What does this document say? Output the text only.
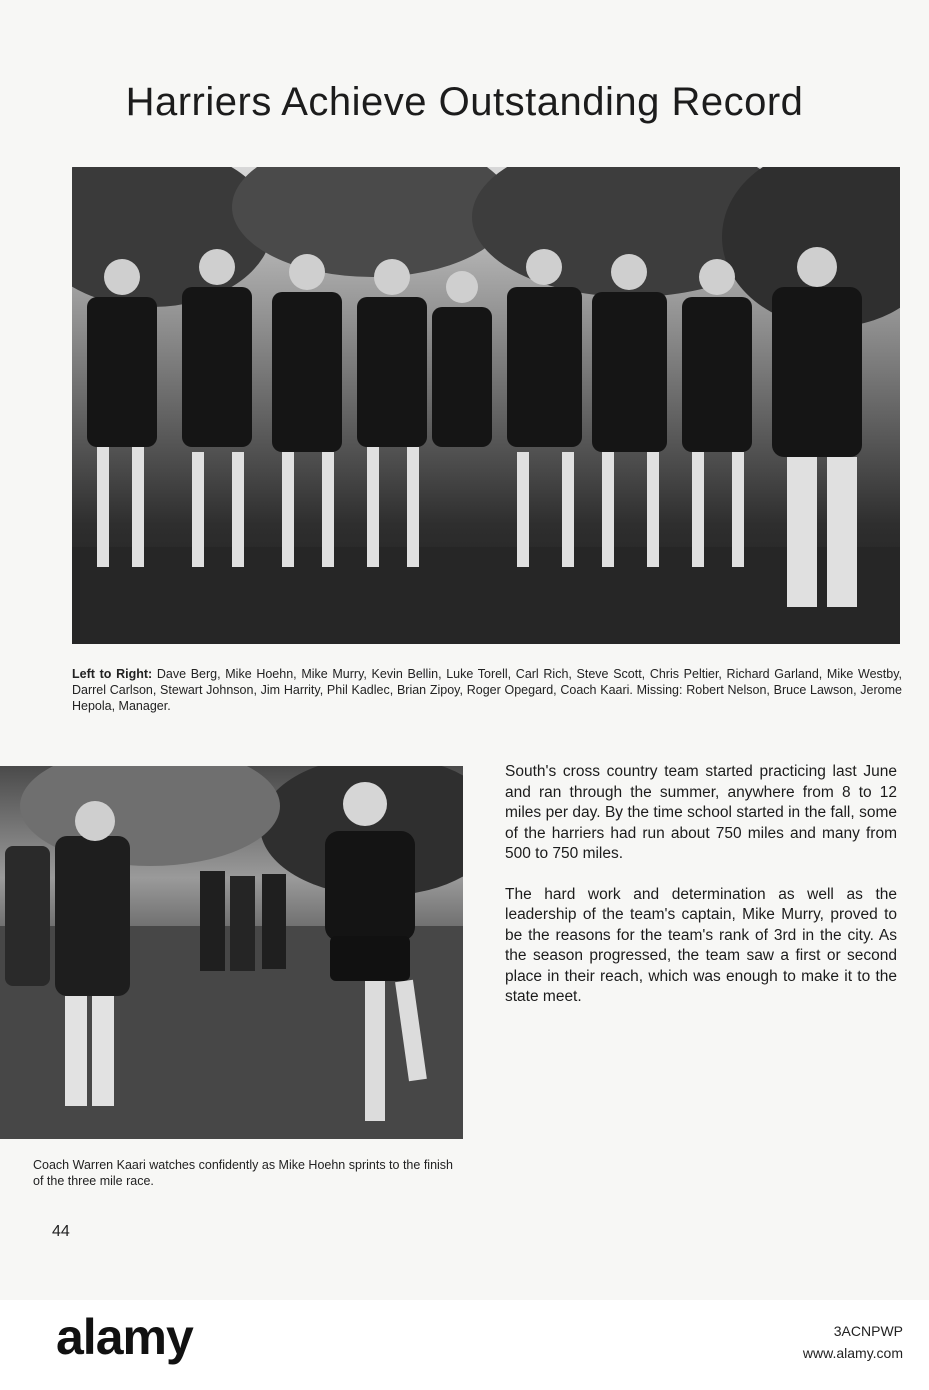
Harriers Achieve Outstanding Record
Left to Right: Dave Berg, Mike Hoehn, Mike Murry, Kevin Bellin, Luke Torell, Carl Rich, Steve Scott, Chris Peltier, Richard Garland, Mike Westby, Darrel Carlson, Stewart Johnson, Jim Harrity, Phil Kadlec, Brian Zipoy, Roger Opegard, Coach Kaari. Missing: Robert Nelson, Bruce Lawson, Jerome Hepola, Manager.
Coach Warren Kaari watches confidently as Mike Hoehn sprints to the finish of the three mile race.

South's cross country team started practicing last June and ran through the summer, anywhere from 8 to 12 miles per day. By the time school started in the fall, some of the harriers had run about 750 miles and many from 500 to 750 miles.

The hard work and determination as well as the leadership of the team's captain, Mike Murry, proved to be the reasons for the team's rank of 3rd in the city. As the season progressed, the team saw a first or second place in their reach, which was enough to make it to the state meet.

44
alamy	3ACNPWP
www.alamy.com
